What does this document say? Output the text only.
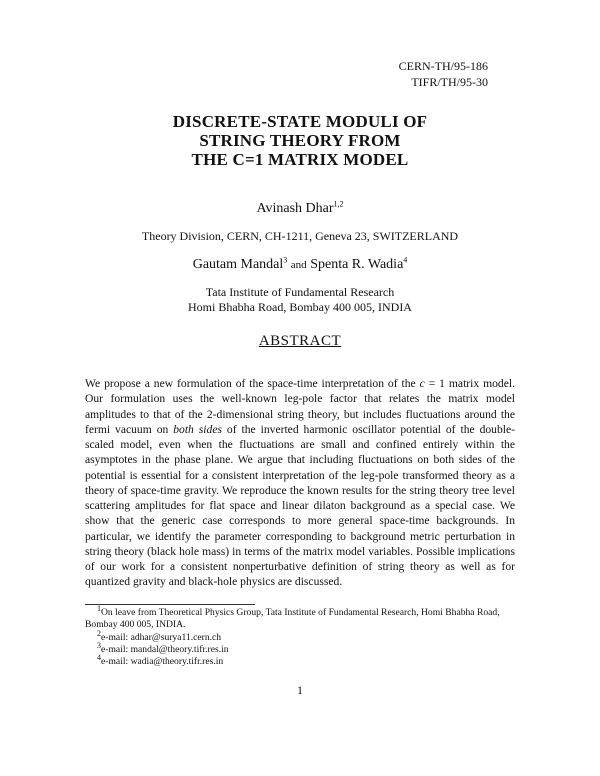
CERN-TH/95-186
TIFR/TH/95-30
DISCRETE-STATE MODULI OF
STRING THEORY FROM
THE C=1 MATRIX MODEL
Avinash Dhar$^{1,2}$
Theory Division, CERN, CH-1211, Geneva 23, SWITZERLAND
Gautam Mandal$^3$ and Spenta R. Wadia$^4$
Tata Institute of Fundamental Research
Homi Bhabha Road, Bombay 400 005, INDIA
ABSTRACT
We propose a new formulation of the space-time interpretation of the c = 1 matrix model. Our formulation uses the well-known leg-pole factor that relates the matrix model amplitudes to that of the 2-dimensional string theory, but includes fluctuations around the fermi vacuum on both sides of the inverted harmonic oscillator potential of the double-scaled model, even when the fluctuations are small and confined entirely within the asymptotes in the phase plane. We argue that including fluctuations on both sides of the potential is essential for a consistent interpretation of the leg-pole transformed theory as a theory of space-time gravity. We reproduce the known results for the string theory tree level scattering amplitudes for flat space and linear dilaton background as a special case. We show that the generic case corresponds to more general space-time backgrounds. In particular, we identify the parameter corresponding to background metric perturbation in string theory (black hole mass) in terms of the matrix model variables. Possible implications of our work for a consistent nonperturbative definition of string theory as well as for quantized gravity and black-hole physics are discussed.
$^1$On leave from Theoretical Physics Group, Tata Institute of Fundamental Research, Homi Bhabha Road, Bombay 400 005, INDIA.
$^2$e-mail: adhar@surya11.cern.ch
$^3$e-mail: mandal@theory.tifr.res.in
$^4$e-mail: wadia@theory.tifr.res.in
1
